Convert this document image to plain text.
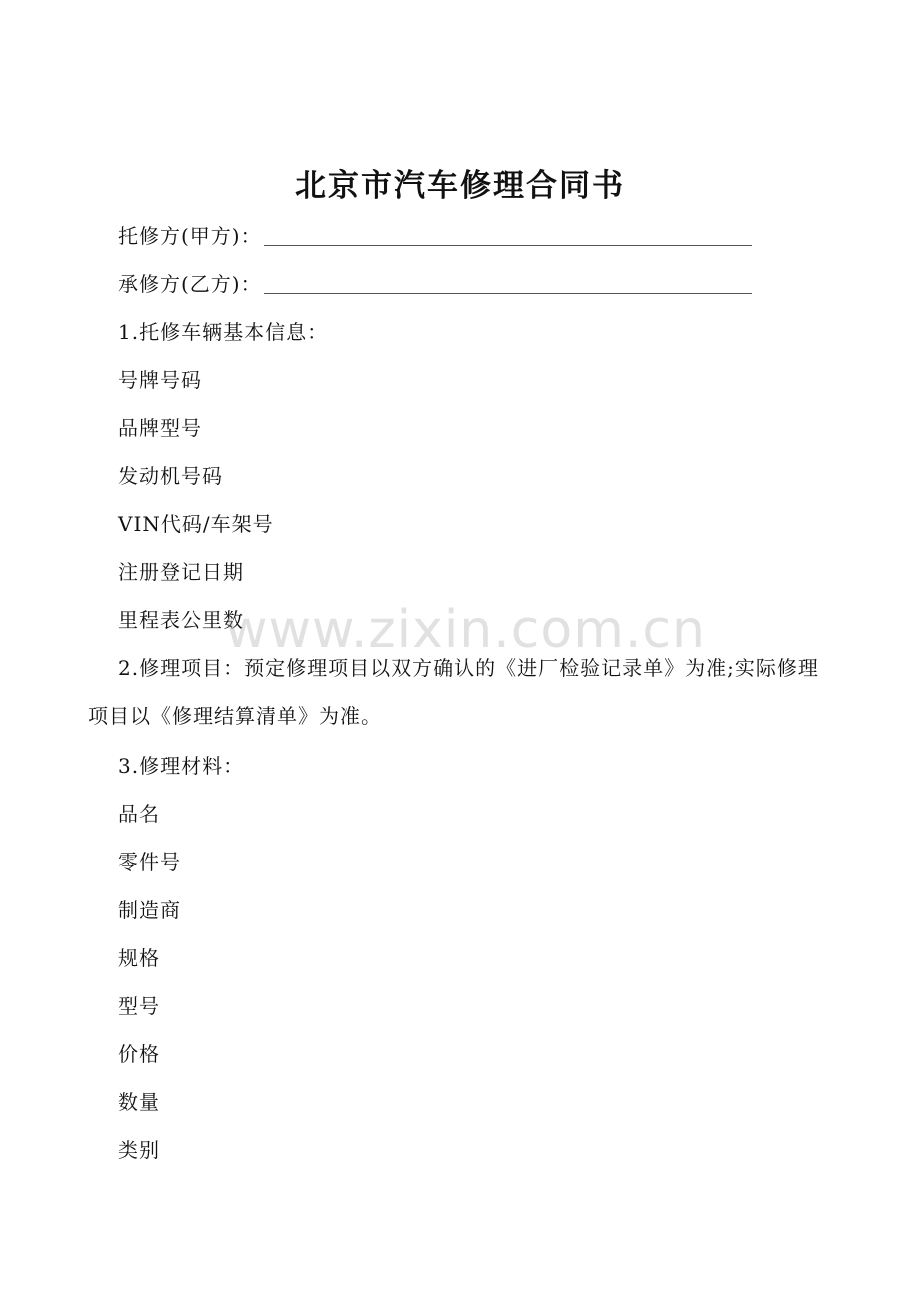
北京市汽车修理合同书
托修方(甲方)：
承修方(乙方)：
1.托修车辆基本信息：
号牌号码
品牌型号
发动机号码
VIN代码/车架号
注册登记日期
里程表公里数
2.修理项目：预定修理项目以双方确认的《进厂检验记录单》为准;实际修理项目以《修理结算清单》为准。
3.修理材料：
品名
零件号
制造商
规格
型号
价格
数量
类别
www.zixin.com.cn
